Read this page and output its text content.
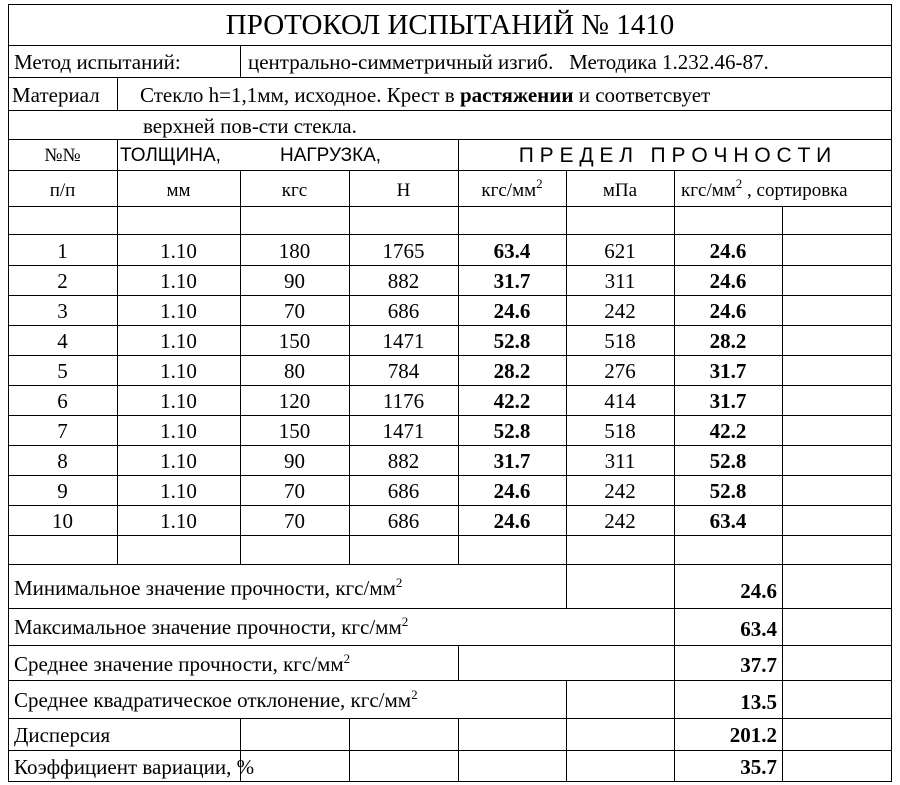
ПРОТОКОЛ ИСПЫТАНИЙ № 1410
Метод испытаний:	центрально-симметричный изгиб.   Методика 1.232.46-87.
Материал Стекло h=1,1мм, исходное. Крест в растяжении и соответсвует
верхней пов-сти стекла.
№№	ТОЛЩИНА,	НАГРУЗКА,	П Р Е Д Е Л   П Р О Ч Н О С Т И
п/п	мм	кгс	Н	кгс/$мм^2$	мПа	кгс/$мм^2$ , сортировка
1	1.10	180	1765	63.4	621	24.6
2	1.10	90	882	31.7	311	24.6
3	1.10	70	686	24.6	242	24.6
4	1.10	150	1471	52.8	518	28.2
5	1.10	80	784	28.2	276	31.7
6	1.10	120	1176	42.2	414	31.7
7	1.10	150	1471	52.8	518	42.2
8	1.10	90	882	31.7	311	52.8
9	1.10	70	686	24.6	242	52.8
10	1.10	70	686	24.6	242	63.4
Минимальное значение прочности, кгс/$мм^2$	24.6
Максимальное значение прочности, кгс/$мм^2$	63.4
Среднее значение прочности, кгс/$мм^2$	37.7
Среднее квадратическое отклонение, кгс/$мм^2$	13.5
Дисперсия	201.2
Коэффициент вариации, %	35.7
